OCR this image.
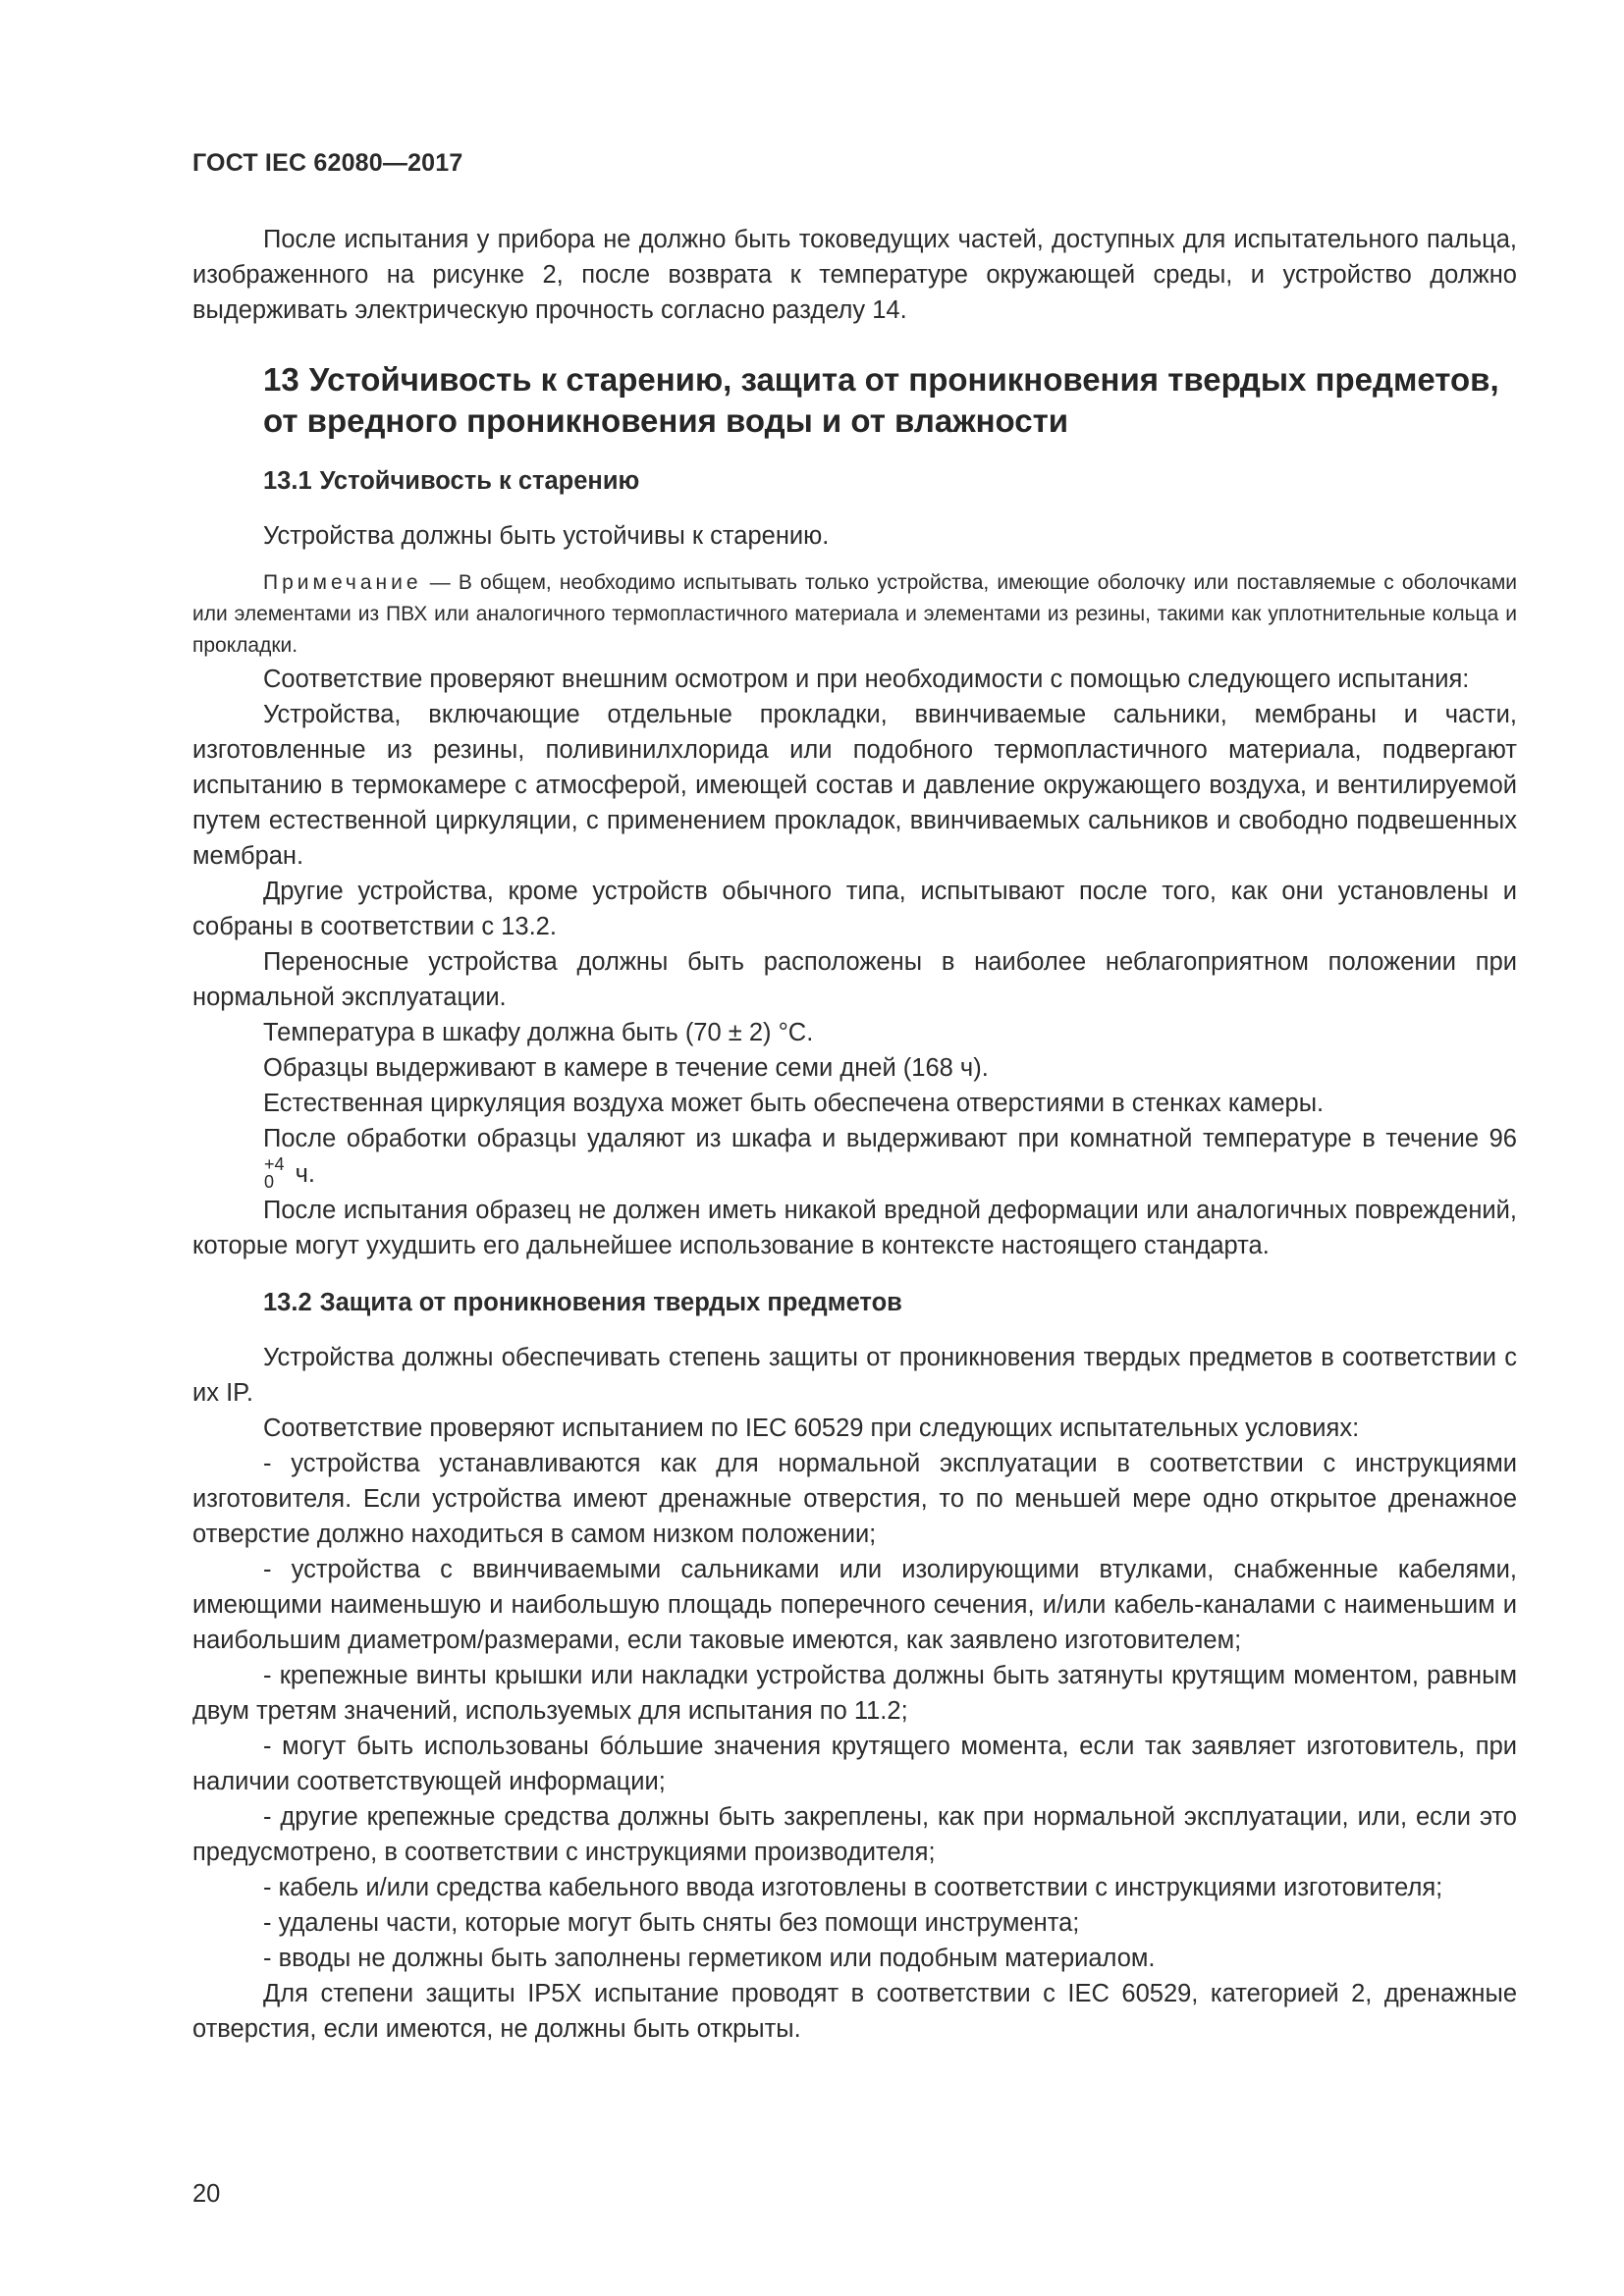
ГОСТ IEC 62080—2017

После испытания у прибора не должно быть токоведущих частей, доступных для испытательного пальца, изображенного на рисунке 2, после возврата к температуре окружающей среды, и устройство должно выдерживать электрическую прочность согласно разделу 14.

13 Устойчивость к старению, защита от проникновения твердых предметов, от вредного проникновения воды и от влажности
13.1 Устойчивость к старению

Устройства должны быть устойчивы к старению.

Примечание — В общем, необходимо испытывать только устройства, имеющие оболочку или поставляемые с оболочками или элементами из ПВХ или аналогичного термопластичного материала и элементами из резины, такими как уплотнительные кольца и прокладки.

Соответствие проверяют внешним осмотром и при необходимости с помощью следующего испытания:

Устройства, включающие отдельные прокладки, ввинчиваемые сальники, мембраны и части, изготовленные из резины, поливинилхлорида или подобного термопластичного материала, подвергают испытанию в термокамере с атмосферой, имеющей состав и давление окружающего воздуха, и вентилируемой путем естественной циркуляции, с применением прокладок, ввинчиваемых сальников и свободно подвешенных мембран.

Другие устройства, кроме устройств обычного типа, испытывают после того, как они установлены и собраны в соответствии с 13.2.

Переносные устройства должны быть расположены в наиболее неблагоприятном положении при нормальной эксплуатации.

Температура в шкафу должна быть (70 ± 2) °С.

Образцы выдерживают в камере в течение семи дней (168 ч).

Естественная циркуляция воздуха может быть обеспечена отверстиями в стенках камеры.

После обработки образцы удаляют из шкафа и выдерживают при комнатной температуре в течение 96
+4
0 ч.

После испытания образец не должен иметь никакой вредной деформации или аналогичных повреждений, которые могут ухудшить его дальнейшее использование в контексте настоящего стандарта.

13.2 Защита от проникновения твердых предметов

Устройства должны обеспечивать степень защиты от проникновения твердых предметов в соответствии с их IP.

Соответствие проверяют испытанием по IEC 60529 при следующих испытательных условиях:

- устройства устанавливаются как для нормальной эксплуатации в соответствии с инструкциями изготовителя. Если устройства имеют дренажные отверстия, то по меньшей мере одно открытое дренажное отверстие должно находиться в самом низком положении;

- устройства с ввинчиваемыми сальниками или изолирующими втулками, снабженные кабелями, имеющими наименьшую и наибольшую площадь поперечного сечения, и/или кабель-каналами с наименьшим и наибольшим диаметром/размерами, если таковые имеются, как заявлено изготовителем;

- крепежные винты крышки или накладки устройства должны быть затянуты крутящим моментом, равным двум третям значений, используемых для испытания по 11.2;

- могут быть использованы бóльшие значения крутящего момента, если так заявляет изготовитель, при наличии соответствующей информации;

- другие крепежные средства должны быть закреплены, как при нормальной эксплуатации, или, если это предусмотрено, в соответствии с инструкциями производителя;

- кабель и/или средства кабельного ввода изготовлены в соответствии с инструкциями изготовителя;

- удалены части, которые могут быть сняты без помощи инструмента;

- вводы не должны быть заполнены герметиком или подобным материалом.

Для степени защиты IP5X испытание проводят в соответствии с IEC 60529, категорией 2, дренажные отверстия, если имеются, не должны быть открыты.

20
